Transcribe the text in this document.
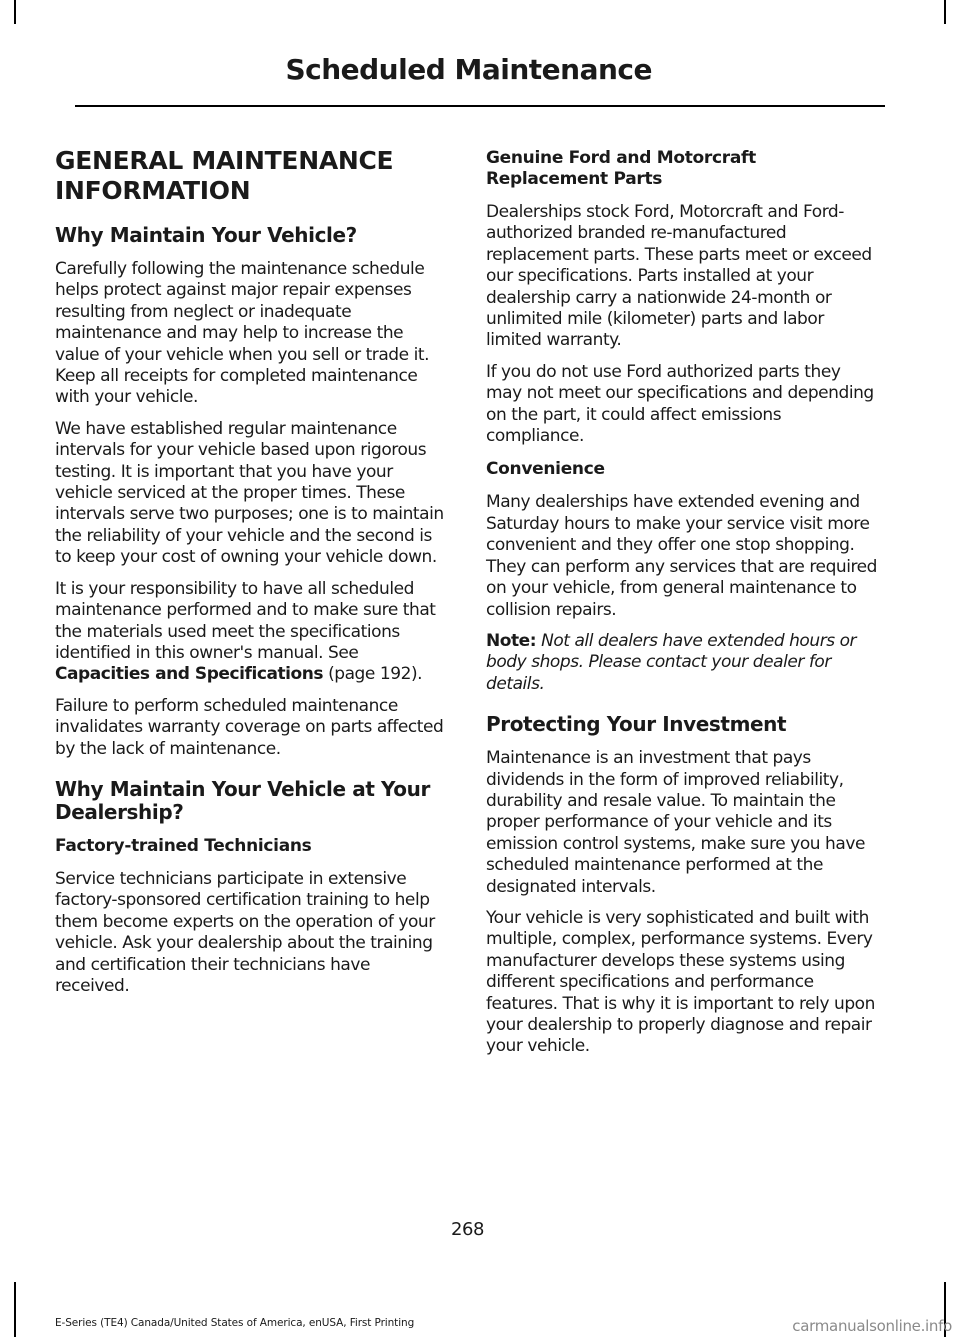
Scheduled Maintenance
GENERAL MAINTENANCE INFORMATION
Why Maintain Your Vehicle?

Carefully following the maintenance schedule helps protect against major repair expenses resulting from neglect or inadequate maintenance and may help to increase the value of your vehicle when you sell or trade it. Keep all receipts for completed maintenance with your vehicle.

We have established regular maintenance intervals for your vehicle based upon rigorous testing. It is important that you have your vehicle serviced at the proper times. These intervals serve two purposes; one is to maintain the reliability of your vehicle and the second is to keep your cost of owning your vehicle down.

It is your responsibility to have all scheduled maintenance performed and to make sure that the materials used meet the specifications identified in this owner's manual. See Capacities and Specifications (page 192).

Failure to perform scheduled maintenance invalidates warranty coverage on parts affected by the lack of maintenance.

Why Maintain Your Vehicle at Your Dealership?
Factory-trained Technicians

Service technicians participate in extensive factory-sponsored certification training to help them become experts on the operation of your vehicle. Ask your dealership about the training and certification their technicians have received.

Genuine Ford and Motorcraft Replacement Parts

Dealerships stock Ford, Motorcraft and Ford-authorized branded re-manufactured replacement parts. These parts meet or exceed our specifications. Parts installed at your dealership carry a nationwide 24-month or unlimited mile (kilometer) parts and labor limited warranty.

If you do not use Ford authorized parts they may not meet our specifications and depending on the part, it could affect emissions compliance.

Convenience

Many dealerships have extended evening and Saturday hours to make your service visit more convenient and they offer one stop shopping. They can perform any services that are required on your vehicle, from general maintenance to collision repairs.

Note: Not all dealers have extended hours or body shops. Please contact your dealer for details.

Protecting Your Investment

Maintenance is an investment that pays dividends in the form of improved reliability, durability and resale value. To maintain the proper performance of your vehicle and its emission control systems, make sure you have scheduled maintenance performed at the designated intervals.

Your vehicle is very sophisticated and built with multiple, complex, performance systems. Every manufacturer develops these systems using different specifications and performance features. That is why it is important to rely upon your dealership to properly diagnose and repair your vehicle.

268

E-Series (TE4) Canada/United States of America, enUSA, First Printing	carmanualsonline.info
